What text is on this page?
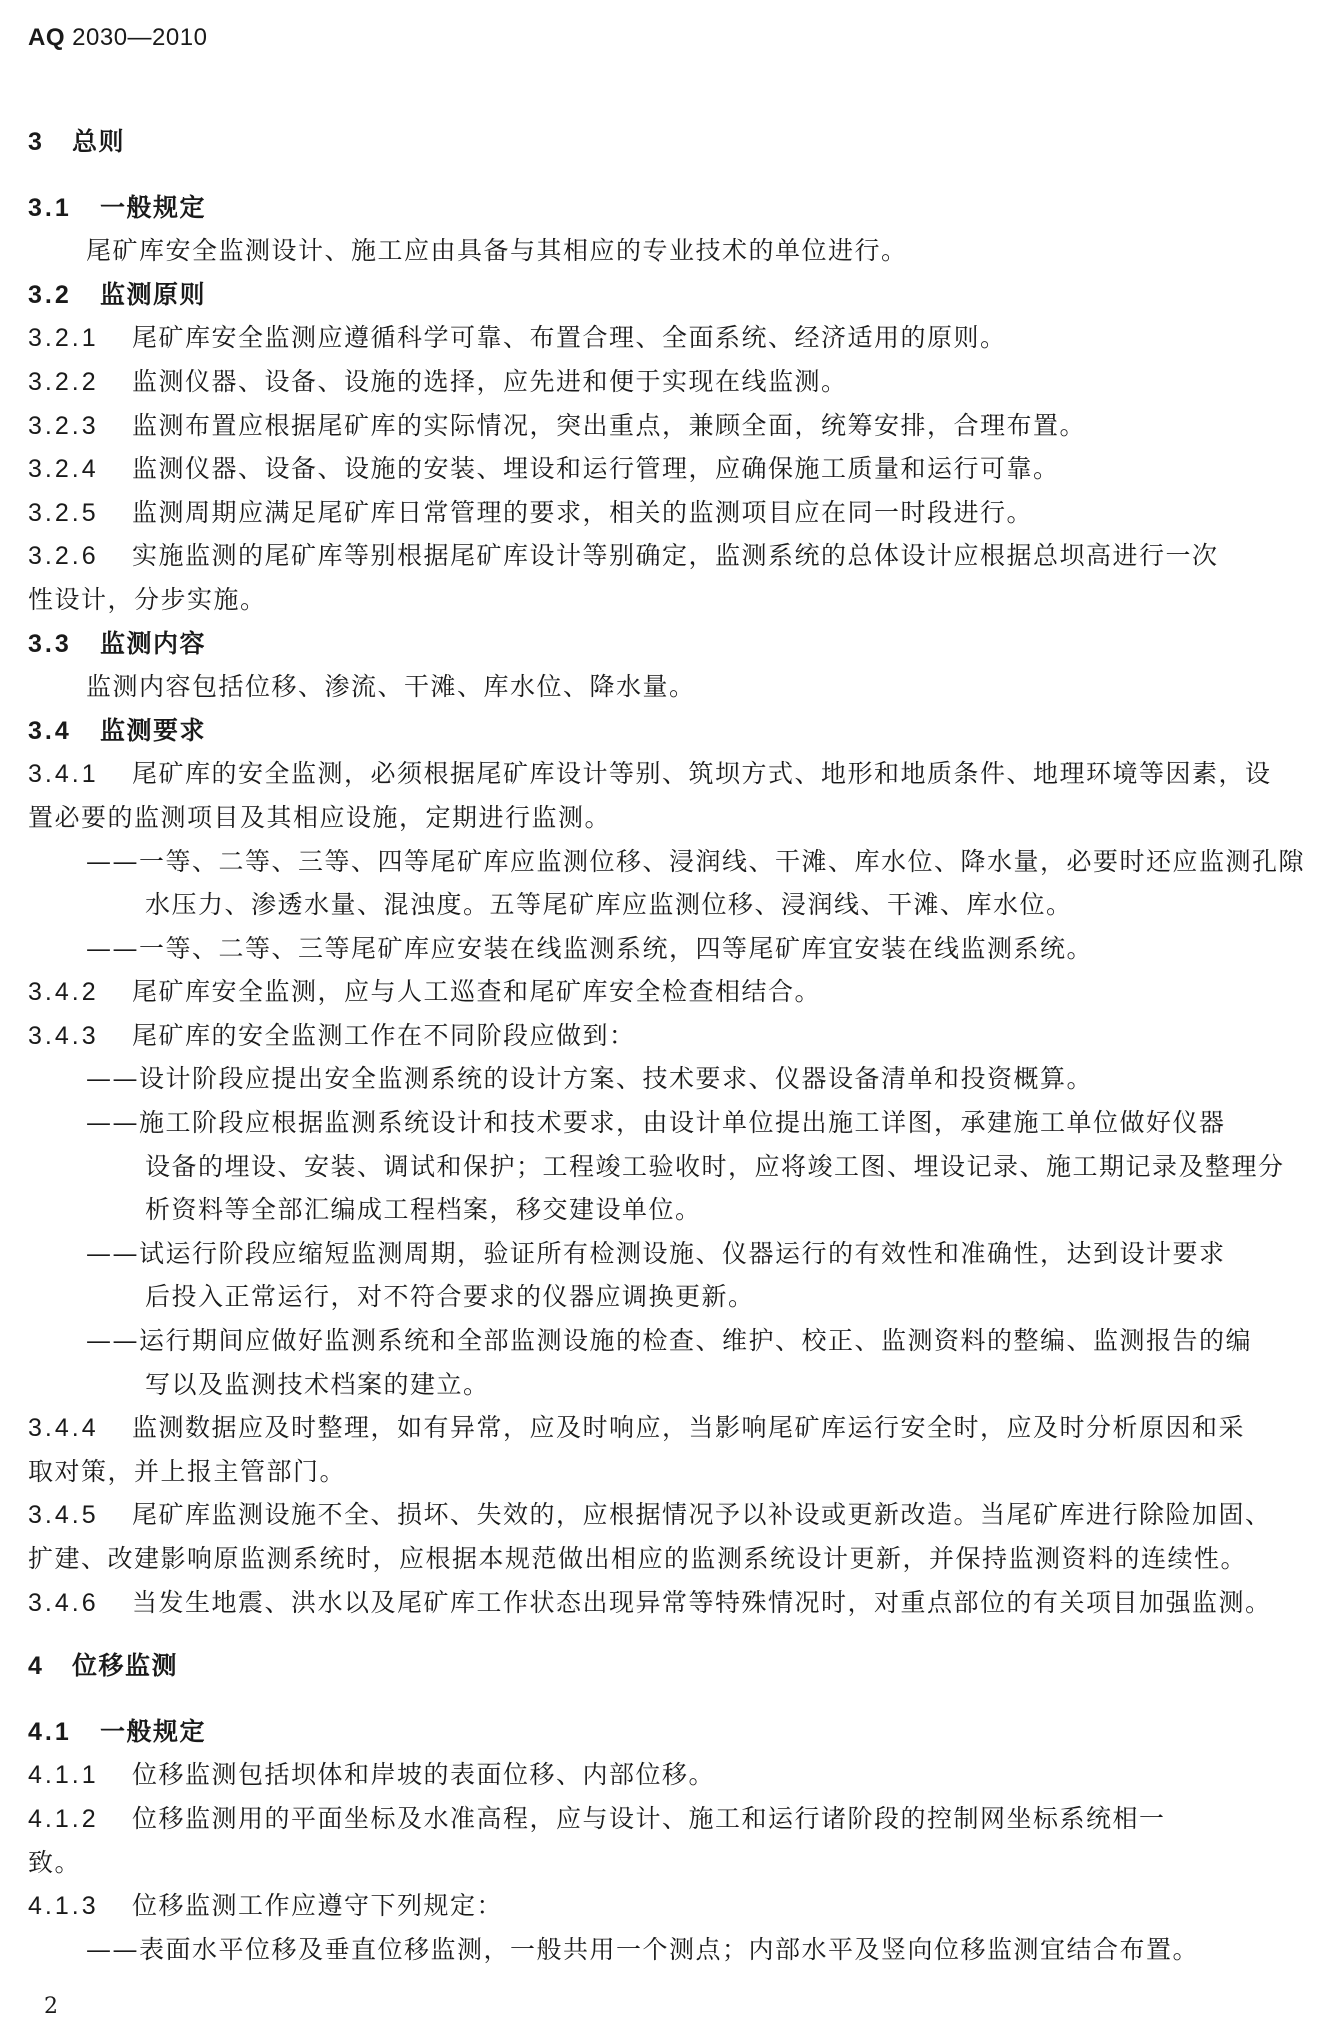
AQ 2030—2010
3 总则
3.1 一般规定
尾矿库安全监测设计、施工应由具备与其相应的专业技术的单位进行。
3.2 监测原则
3.2.1 尾矿库安全监测应遵循科学可靠、布置合理、全面系统、经济适用的原则。
3.2.2 监测仪器、设备、设施的选择，应先进和便于实现在线监测。
3.2.3 监测布置应根据尾矿库的实际情况，突出重点，兼顾全面，统筹安排，合理布置。
3.2.4 监测仪器、设备、设施的安装、埋设和运行管理，应确保施工质量和运行可靠。
3.2.5 监测周期应满足尾矿库日常管理的要求，相关的监测项目应在同一时段进行。
3.2.6 实施监测的尾矿库等别根据尾矿库设计等别确定，监测系统的总体设计应根据总坝高进行一次
性设计，分步实施。
3.3 监测内容
监测内容包括位移、渗流、干滩、库水位、降水量。
3.4 监测要求
3.4.1 尾矿库的安全监测，必须根据尾矿库设计等别、筑坝方式、地形和地质条件、地理环境等因素，设
置必要的监测项目及其相应设施，定期进行监测。
——一等、二等、三等、四等尾矿库应监测位移、浸润线、干滩、库水位、降水量，必要时还应监测孔隙
水压力、渗透水量、混浊度。五等尾矿库应监测位移、浸润线、干滩、库水位。
——一等、二等、三等尾矿库应安装在线监测系统，四等尾矿库宜安装在线监测系统。
3.4.2 尾矿库安全监测，应与人工巡查和尾矿库安全检查相结合。
3.4.3 尾矿库的安全监测工作在不同阶段应做到：
——设计阶段应提出安全监测系统的设计方案、技术要求、仪器设备清单和投资概算。
——施工阶段应根据监测系统设计和技术要求，由设计单位提出施工详图，承建施工单位做好仪器
设备的埋设、安装、调试和保护；工程竣工验收时，应将竣工图、埋设记录、施工期记录及整理分
析资料等全部汇编成工程档案，移交建设单位。
——试运行阶段应缩短监测周期，验证所有检测设施、仪器运行的有效性和准确性，达到设计要求
后投入正常运行，对不符合要求的仪器应调换更新。
——运行期间应做好监测系统和全部监测设施的检查、维护、校正、监测资料的整编、监测报告的编
写以及监测技术档案的建立。
3.4.4 监测数据应及时整理，如有异常，应及时响应，当影响尾矿库运行安全时，应及时分析原因和采
取对策，并上报主管部门。
3.4.5 尾矿库监测设施不全、损坏、失效的，应根据情况予以补设或更新改造。当尾矿库进行除险加固、
扩建、改建影响原监测系统时，应根据本规范做出相应的监测系统设计更新，并保持监测资料的连续性。
3.4.6 当发生地震、洪水以及尾矿库工作状态出现异常等特殊情况时，对重点部位的有关项目加强监测。
4 位移监测
4.1 一般规定
4.1.1 位移监测包括坝体和岸坡的表面位移、内部位移。
4.1.2 位移监测用的平面坐标及水准高程，应与设计、施工和运行诸阶段的控制网坐标系统相一
致。
4.1.3 位移监测工作应遵守下列规定：
——表面水平位移及垂直位移监测，一般共用一个测点；内部水平及竖向位移监测宜结合布置。
2
